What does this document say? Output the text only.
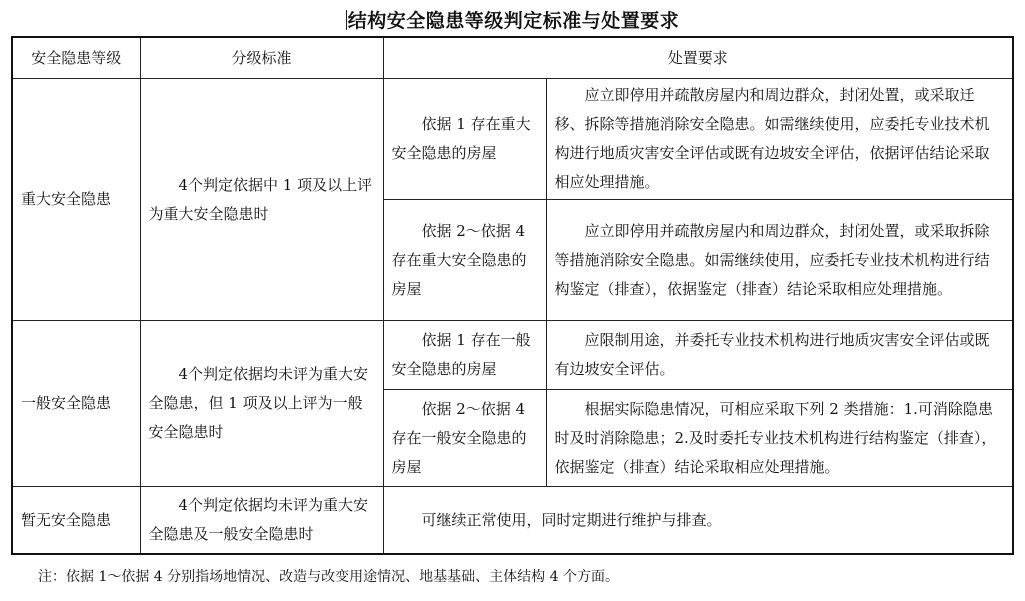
结构安全隐患等级判定标准与处置要求
安全隐患等级	分级标准	处置要求	
重大安全隐患	4个判定依据中 1 项及以上评为重大安全隐患时	依据 1 存在重大安全隐患的房屋	应立即停用并疏散房屋内和周边群众，封闭处置，或采取迁移、拆除等措施消除安全隐患。如需继续使用，应委托专业技术机构进行地质灾害安全评估或既有边坡安全评估，依据评估结论采取相应处理措施。
		依据 2～依据 4 存在重大安全隐患的房屋	应立即停用并疏散房屋内和周边群众，封闭处置，或采取拆除等措施消除安全隐患。如需继续使用，应委托专业技术机构进行结构鉴定（排查），依据鉴定（排查）结论采取相应处理措施。
一般安全隐患	4个判定依据均未评为重大安全隐患，但 1 项及以上评为一般安全隐患时	依据 1 存在一般安全隐患的房屋	应限制用途，并委托专业技术机构进行地质灾害安全评估或既有边坡安全评估。
		依据 2～依据 4 存在一般安全隐患的房屋	根据实际隐患情况，可相应采取下列 2 类措施：1.可消除隐患时及时消除隐患；2.及时委托专业技术机构进行结构鉴定（排查），依据鉴定（排查）结论采取相应处理措施。
暂无安全隐患	4个判定依据均未评为重大安全隐患及一般安全隐患时	可继续正常使用，同时定期进行维护与排查。	
注：依据 1～依据 4 分别指场地情况、改造与改变用途情况、地基基础、主体结构 4 个方面。
